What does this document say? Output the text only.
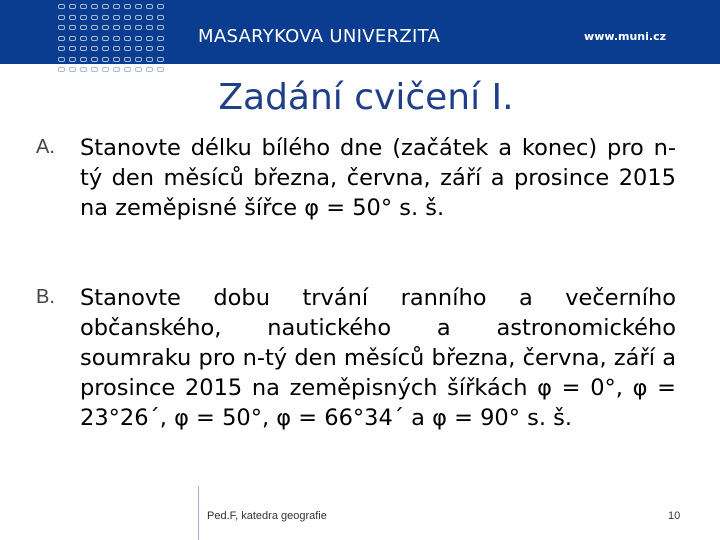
MASARYKOVA UNIVERZITA	www.muni.cz
Zadání cvičení I.
A. Stanovte délku bílého dne (začátek a konec) pro n-tý den měsíců března, června, září a prosince 2015 na zeměpisné šířce φ = 50° s. š.
B. Stanovte dobu trvání ranního a večerního občanského, nautického a astronomického soumraku pro n-tý den měsíců března, června, září a prosince 2015 na zeměpisných šířkách φ = 0°, φ = 23°26´, φ = 50°, φ = 66°34´ a φ = 90° s. š.
Ped.F, katedra geografie	10
